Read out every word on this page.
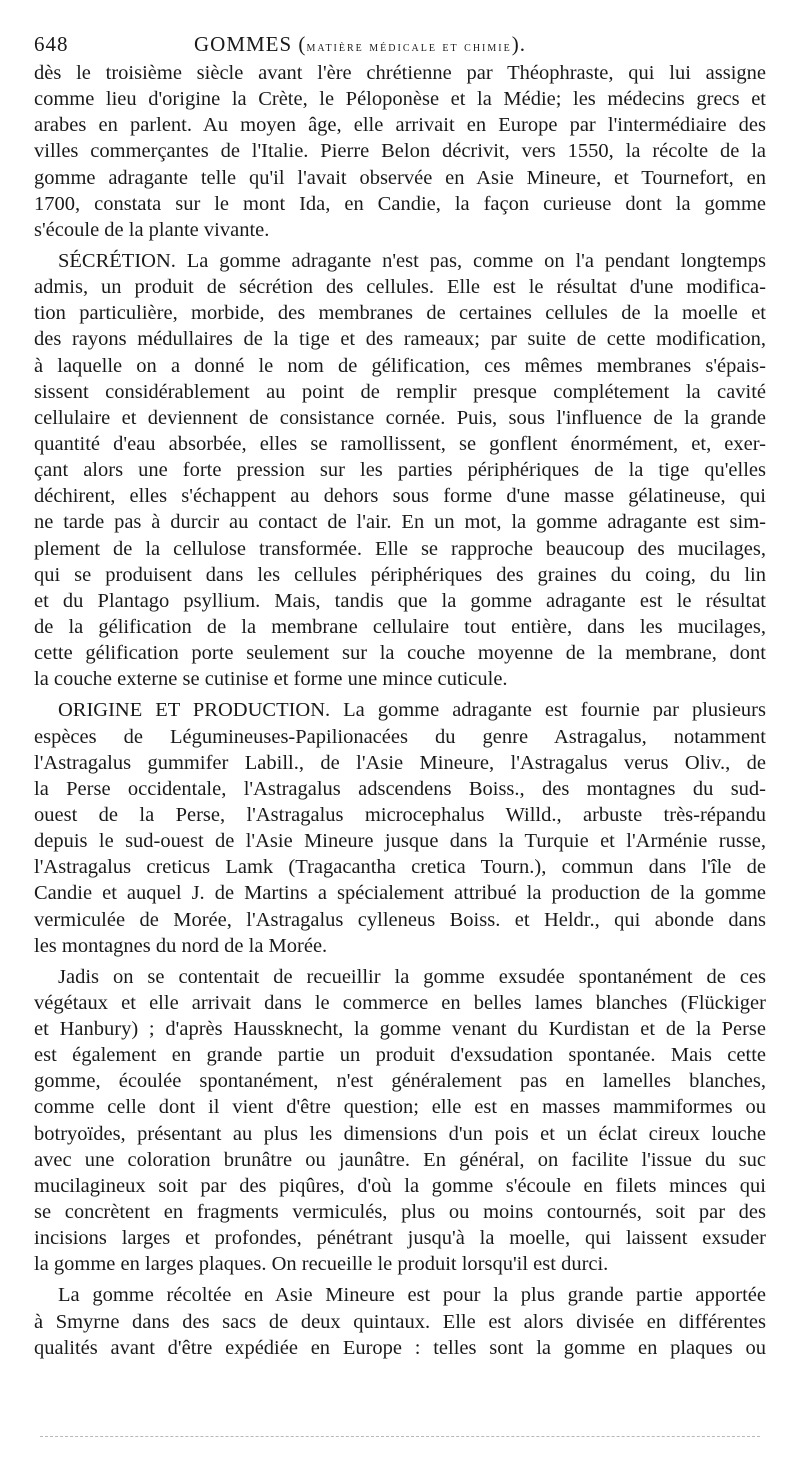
648	GOMMES (matière médicale et chimie).
dès le troisième siècle avant l'ère chrétienne par Théophraste, qui lui assigne
comme lieu d'origine la Crète, le Péloponèse et la Médie; les médecins grecs et
arabes en parlent. Au moyen âge, elle arrivait en Europe par l'intermédiaire des
villes commerçantes de l'Italie. Pierre Belon décrivit, vers 1550, la récolte de la
gomme adragante telle qu'il l'avait observée en Asie Mineure, et Tournefort, en
1700, constata sur le mont Ida, en Candie, la façon curieuse dont la gomme
s'écoule de la plante vivante.
SÉCRÉTION. La gomme adragante n'est pas, comme on l'a pendant longtemps
admis, un produit de sécrétion des cellules. Elle est le résultat d'une modifica-
tion particulière, morbide, des membranes de certaines cellules de la moelle et
des rayons médullaires de la tige et des rameaux; par suite de cette modification,
à laquelle on a donné le nom de gélification, ces mêmes membranes s'épais-
sissent considérablement au point de remplir presque complétement la cavité
cellulaire et deviennent de consistance cornée. Puis, sous l'influence de la grande
quantité d'eau absorbée, elles se ramollissent, se gonflent énormément, et, exer-
çant alors une forte pression sur les parties périphériques de la tige qu'elles
déchirent, elles s'échappent au dehors sous forme d'une masse gélatineuse, qui
ne tarde pas à durcir au contact de l'air. En un mot, la gomme adragante est sim-
plement de la cellulose transformée. Elle se rapproche beaucoup des mucilages,
qui se produisent dans les cellules périphériques des graines du coing, du lin
et du Plantago psyllium. Mais, tandis que la gomme adragante est le résultat
de la gélification de la membrane cellulaire tout entière, dans les mucilages,
cette gélification porte seulement sur la couche moyenne de la membrane, dont
la couche externe se cutinise et forme une mince cuticule.
ORIGINE ET PRODUCTION. La gomme adragante est fournie par plusieurs
espèces de Légumineuses-Papilionacées du genre Astragalus, notamment
l'Astragalus gummifer Labill., de l'Asie Mineure, l'Astragalus verus Oliv., de
la Perse occidentale, l'Astragalus adscendens Boiss., des montagnes du sud-
ouest de la Perse, l'Astragalus microcephalus Willd., arbuste très-répandu
depuis le sud-ouest de l'Asie Mineure jusque dans la Turquie et l'Arménie russe,
l'Astragalus creticus Lamk (Tragacantha cretica Tourn.), commun dans l'île de
Candie et auquel J. de Martins a spécialement attribué la production de la gomme
vermiculée de Morée, l'Astragalus cylleneus Boiss. et Heldr., qui abonde dans
les montagnes du nord de la Morée.
Jadis on se contentait de recueillir la gomme exsudée spontanément de ces
végétaux et elle arrivait dans le commerce en belles lames blanches (Flückiger
et Hanbury) ; d'après Haussknecht, la gomme venant du Kurdistan et de la Perse
est également en grande partie un produit d'exsudation spontanée. Mais cette
gomme, écoulée spontanément, n'est généralement pas en lamelles blanches,
comme celle dont il vient d'être question; elle est en masses mammiformes ou
botryoïdes, présentant au plus les dimensions d'un pois et un éclat cireux louche
avec une coloration brunâtre ou jaunâtre. En général, on facilite l'issue du suc
mucilagineux soit par des piqûres, d'où la gomme s'écoule en filets minces qui
se concrètent en fragments vermiculés, plus ou moins contournés, soit par des
incisions larges et profondes, pénétrant jusqu'à la moelle, qui laissent exsuder
la gomme en larges plaques. On recueille le produit lorsqu'il est durci.
La gomme récoltée en Asie Mineure est pour la plus grande partie apportée
à Smyrne dans des sacs de deux quintaux. Elle est alors divisée en différentes
qualités avant d'être expédiée en Europe : telles sont la gomme en plaques ou
